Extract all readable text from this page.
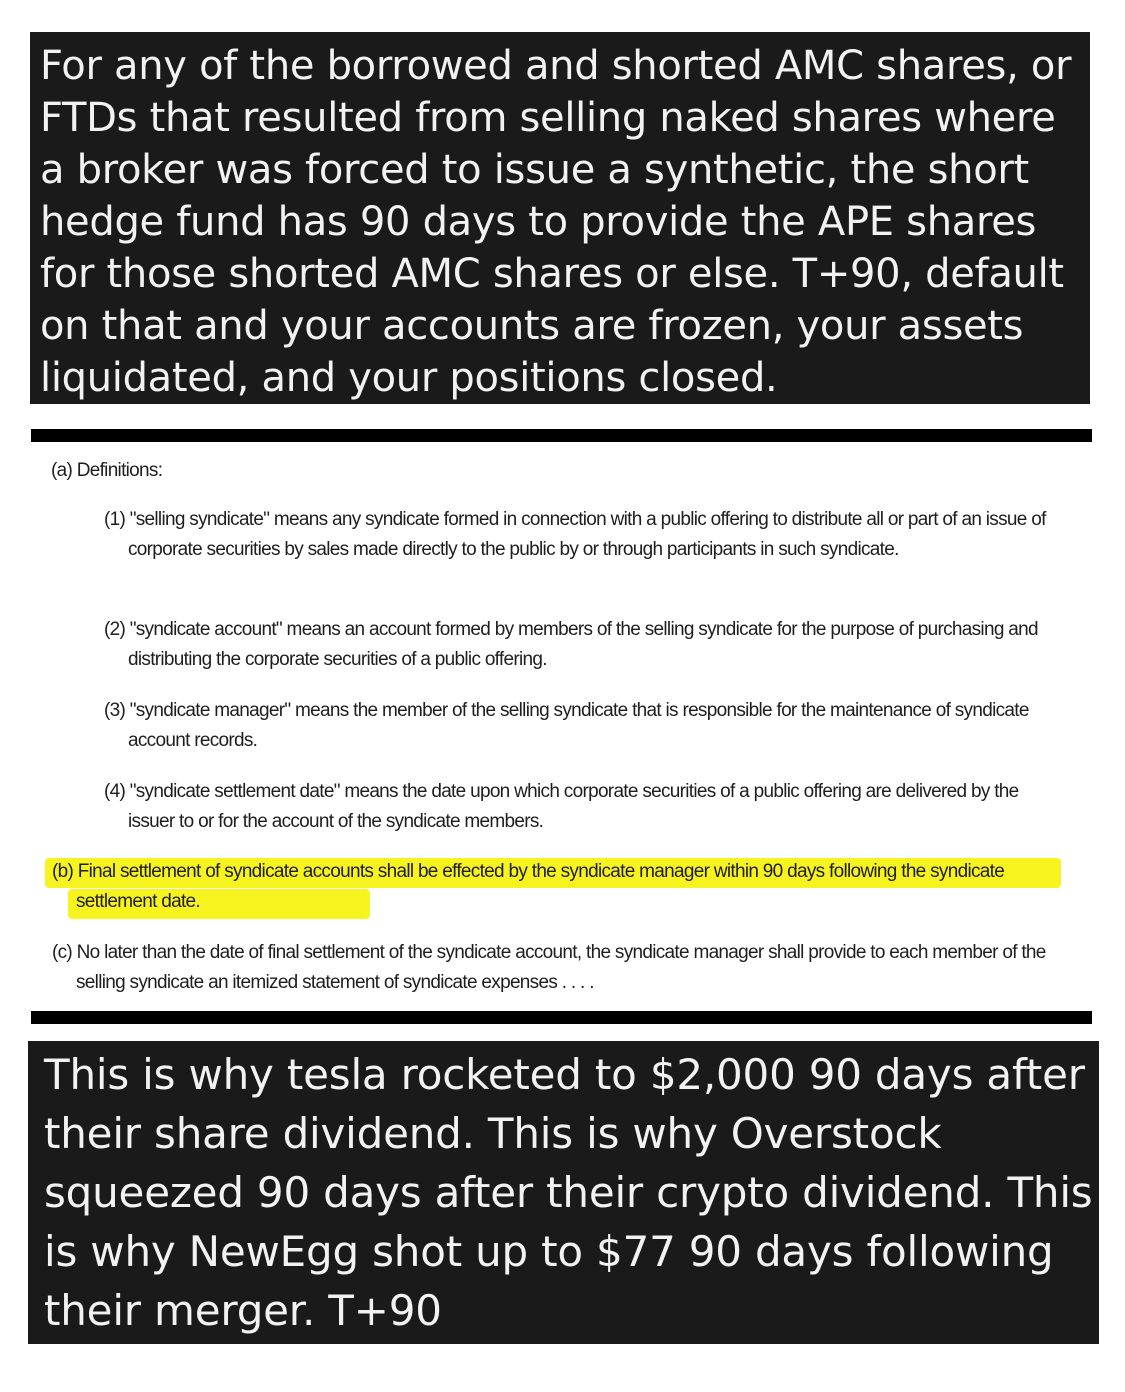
For any of the borrowed and shorted AMC shares, or FTDs that resulted from selling naked shares where a broker was forced to issue a synthetic, the short hedge fund has 90 days to provide the APE shares for those shorted AMC shares or else. T+90, default on that and your accounts are frozen, your assets liquidated, and your positions closed.
(a) Definitions:
(1) "selling syndicate" means any syndicate formed in connection with a public offering to distribute all or part of an issue of corporate securities by sales made directly to the public by or through participants in such syndicate.
(2) "syndicate account" means an account formed by members of the selling syndicate for the purpose of purchasing and distributing the corporate securities of a public offering.
(3) "syndicate manager" means the member of the selling syndicate that is responsible for the maintenance of syndicate account records.
(4) "syndicate settlement date" means the date upon which corporate securities of a public offering are delivered by the issuer to or for the account of the syndicate members.
(b) Final settlement of syndicate accounts shall be effected by the syndicate manager within 90 days following the syndicate settlement date.
(c) No later than the date of final settlement of the syndicate account, the syndicate manager shall provide to each member of the selling syndicate an itemized statement of syndicate expenses . . . .
This is why tesla rocketed to $2,000 90 days after their share dividend. This is why Overstock squeezed 90 days after their crypto dividend. This is why NewEgg shot up to $77 90 days following their merger. T+90
